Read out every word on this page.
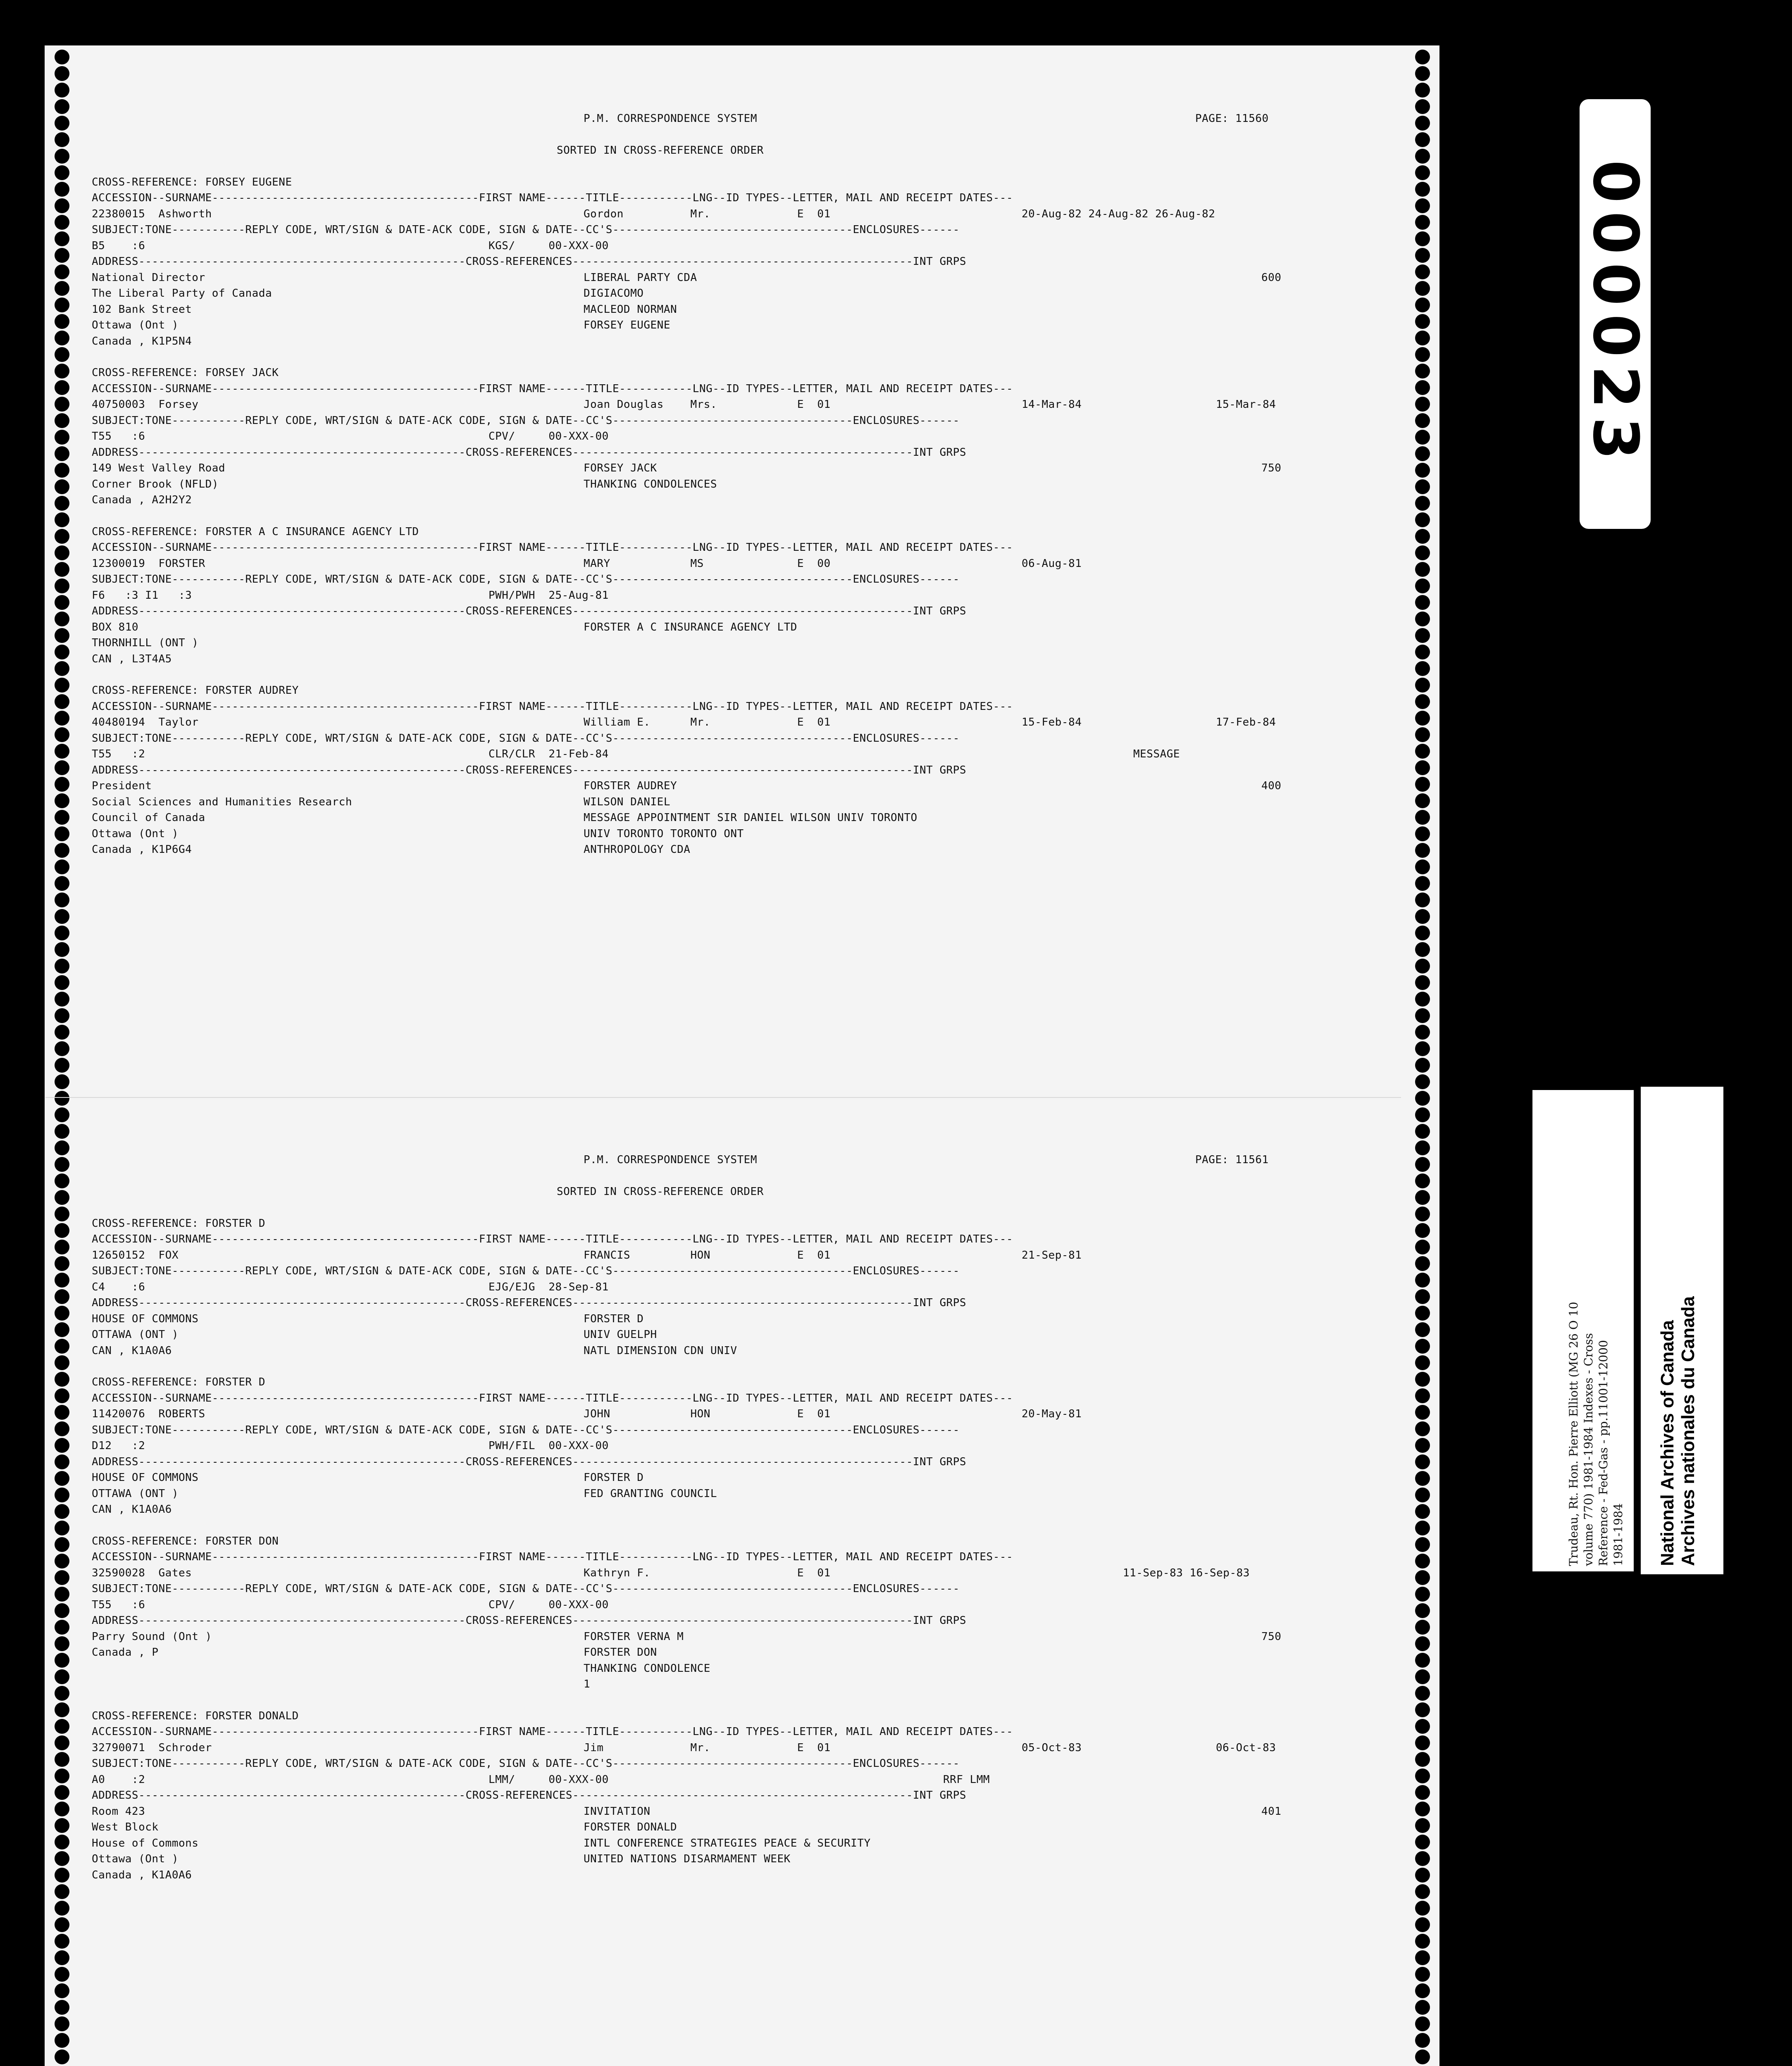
P.M. CORRESPONDENCE SYSTEM	PAGE: 11560
SORTED IN CROSS-REFERENCE ORDER
CROSS-REFERENCE: FORSEY EUGENE
ACCESSION--SURNAME----------------------------------------FIRST NAME------TITLE-----------LNG--ID TYPES--LETTER, MAIL AND RECEIPT DATES---
22380015  Ashworth	Gordon          Mr.             E  01	20-Aug-82 24-Aug-82 26-Aug-82
SUBJECT:TONE-----------REPLY CODE, WRT/SIGN & DATE-ACK CODE, SIGN & DATE--CC'S------------------------------------ENCLOSURES------
B5    :6	KGS/     00-XXX-00
ADDRESS-------------------------------------------------CROSS-REFERENCES---------------------------------------------------INT GRPS
National Director	LIBERAL PARTY CDA	600
The Liberal Party of Canada	DIGIACOMO
102 Bank Street	MACLEOD NORMAN
Ottawa (Ont )	FORSEY EUGENE
Canada , K1P5N4
CROSS-REFERENCE: FORSEY JACK
ACCESSION--SURNAME----------------------------------------FIRST NAME------TITLE-----------LNG--ID TYPES--LETTER, MAIL AND RECEIPT DATES---
40750003  Forsey	Joan Douglas    Mrs.            E  01	14-Mar-84	15-Mar-84
SUBJECT:TONE-----------REPLY CODE, WRT/SIGN & DATE-ACK CODE, SIGN & DATE--CC'S------------------------------------ENCLOSURES------
T55   :6	CPV/     00-XXX-00
ADDRESS-------------------------------------------------CROSS-REFERENCES---------------------------------------------------INT GRPS
149 West Valley Road	FORSEY JACK	750
Corner Brook (NFLD)	THANKING CONDOLENCES
Canada , A2H2Y2
CROSS-REFERENCE: FORSTER A C INSURANCE AGENCY LTD
ACCESSION--SURNAME----------------------------------------FIRST NAME------TITLE-----------LNG--ID TYPES--LETTER, MAIL AND RECEIPT DATES---
12300019  FORSTER	MARY            MS              E  00	06-Aug-81
SUBJECT:TONE-----------REPLY CODE, WRT/SIGN & DATE-ACK CODE, SIGN & DATE--CC'S------------------------------------ENCLOSURES------
F6   :3 I1   :3	PWH/PWH  25-Aug-81
ADDRESS-------------------------------------------------CROSS-REFERENCES---------------------------------------------------INT GRPS
BOX 810	FORSTER A C INSURANCE AGENCY LTD
THORNHILL (ONT )
CAN , L3T4A5
CROSS-REFERENCE: FORSTER AUDREY
ACCESSION--SURNAME----------------------------------------FIRST NAME------TITLE-----------LNG--ID TYPES--LETTER, MAIL AND RECEIPT DATES---
40480194  Taylor	William E.      Mr.             E  01	15-Feb-84	17-Feb-84
SUBJECT:TONE-----------REPLY CODE, WRT/SIGN & DATE-ACK CODE, SIGN & DATE--CC'S------------------------------------ENCLOSURES------
T55   :2	CLR/CLR  21-Feb-84	MESSAGE
ADDRESS-------------------------------------------------CROSS-REFERENCES---------------------------------------------------INT GRPS
President	FORSTER AUDREY	400
Social Sciences and Humanities Research	WILSON DANIEL
Council of Canada	MESSAGE APPOINTMENT SIR DANIEL WILSON UNIV TORONTO
Ottawa (Ont )	UNIV TORONTO TORONTO ONT
Canada , K1P6G4	ANTHROPOLOGY CDA
P.M. CORRESPONDENCE SYSTEM	PAGE: 11561
SORTED IN CROSS-REFERENCE ORDER
CROSS-REFERENCE: FORSTER D
ACCESSION--SURNAME----------------------------------------FIRST NAME------TITLE-----------LNG--ID TYPES--LETTER, MAIL AND RECEIPT DATES---
12650152  FOX	FRANCIS         HON             E  01	21-Sep-81
SUBJECT:TONE-----------REPLY CODE, WRT/SIGN & DATE-ACK CODE, SIGN & DATE--CC'S------------------------------------ENCLOSURES------
C4    :6	EJG/EJG  28-Sep-81
ADDRESS-------------------------------------------------CROSS-REFERENCES---------------------------------------------------INT GRPS
HOUSE OF COMMONS	FORSTER D
OTTAWA (ONT )	UNIV GUELPH
CAN , K1A0A6	NATL DIMENSION CDN UNIV
CROSS-REFERENCE: FORSTER D
ACCESSION--SURNAME----------------------------------------FIRST NAME------TITLE-----------LNG--ID TYPES--LETTER, MAIL AND RECEIPT DATES---
11420076  ROBERTS	JOHN            HON             E  01	20-May-81
SUBJECT:TONE-----------REPLY CODE, WRT/SIGN & DATE-ACK CODE, SIGN & DATE--CC'S------------------------------------ENCLOSURES------
D12   :2	PWH/FIL  00-XXX-00
ADDRESS-------------------------------------------------CROSS-REFERENCES---------------------------------------------------INT GRPS
HOUSE OF COMMONS	FORSTER D
OTTAWA (ONT )	FED GRANTING COUNCIL
CAN , K1A0A6
CROSS-REFERENCE: FORSTER DON
ACCESSION--SURNAME----------------------------------------FIRST NAME------TITLE-----------LNG--ID TYPES--LETTER, MAIL AND RECEIPT DATES---
32590028  Gates	Kathryn F.                      E  01	11-Sep-83 16-Sep-83
SUBJECT:TONE-----------REPLY CODE, WRT/SIGN & DATE-ACK CODE, SIGN & DATE--CC'S------------------------------------ENCLOSURES------
T55   :6	CPV/     00-XXX-00
ADDRESS-------------------------------------------------CROSS-REFERENCES---------------------------------------------------INT GRPS
Parry Sound (Ont )	FORSTER VERNA M	750
Canada , P	FORSTER DON
THANKING CONDOLENCE
1
CROSS-REFERENCE: FORSTER DONALD
ACCESSION--SURNAME----------------------------------------FIRST NAME------TITLE-----------LNG--ID TYPES--LETTER, MAIL AND RECEIPT DATES---
32790071  Schroder	Jim             Mr.             E  01	05-Oct-83	06-Oct-83
SUBJECT:TONE-----------REPLY CODE, WRT/SIGN & DATE-ACK CODE, SIGN & DATE--CC'S------------------------------------ENCLOSURES------
A0    :2	LMM/     00-XXX-00	RRF LMM
ADDRESS-------------------------------------------------CROSS-REFERENCES---------------------------------------------------INT GRPS
Room 423	INVITATION	401
West Block	FORSTER DONALD
House of Commons	INTL CONFERENCE STRATEGIES PEACE & SECURITY
Ottawa (Ont )	UNITED NATIONS DISARMAMENT WEEK
Canada , K1A0A6
000023
Trudeau, Rt. Hon. Pierre Elliott (MG 26 O 10 volume 770) 1981-1984 Indexes - Cross Reference - Fed-Gas - pp.11001-12000 1981-1984 National Archives of Canada Archives nationales du Canada
